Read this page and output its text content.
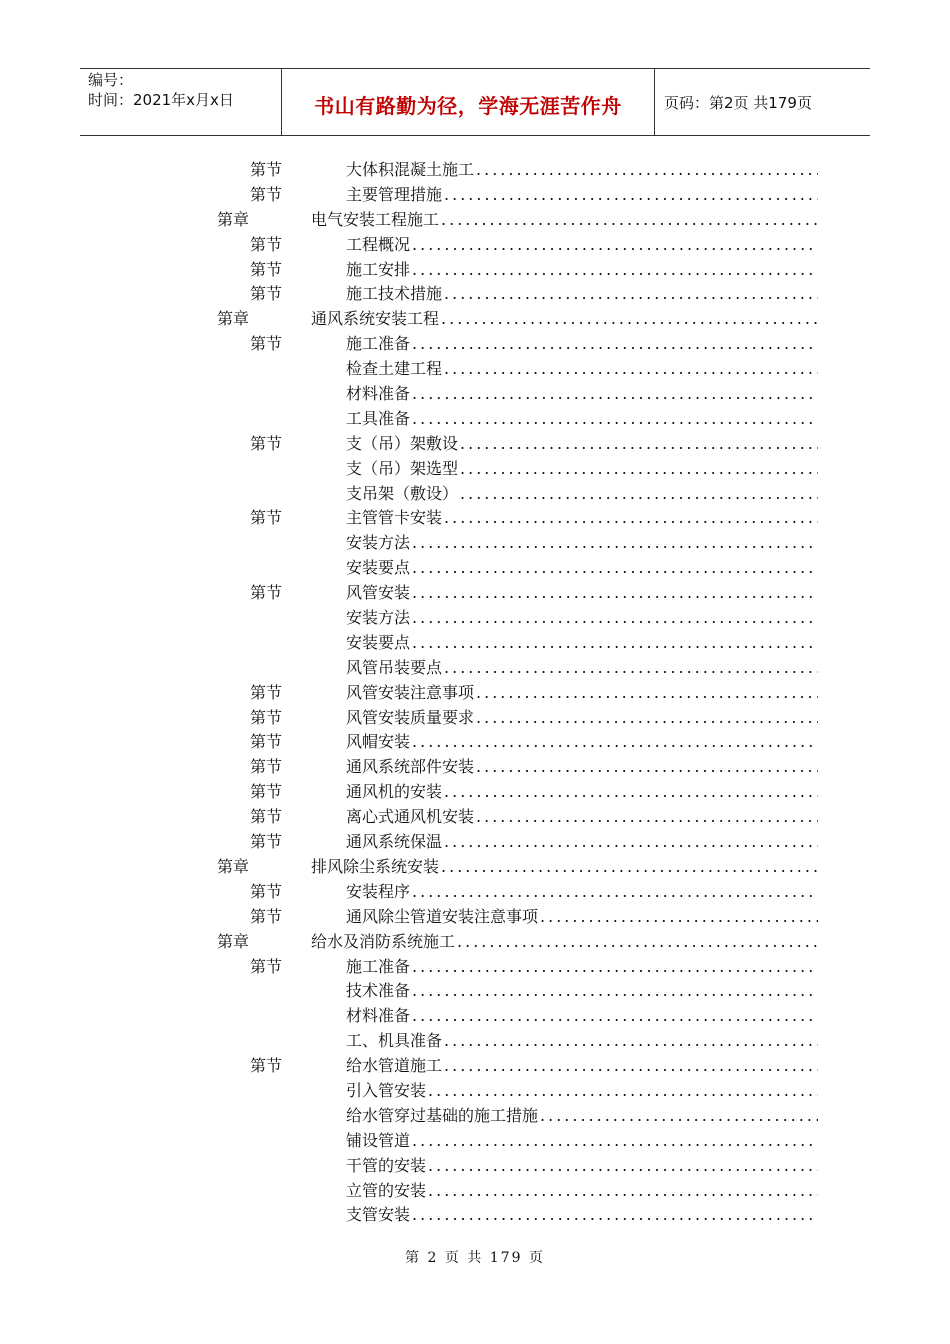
编号：
时间：2021年x月x日	书山有路勤为径，学海无涯苦作舟	页码：第2页 共179页
第节	大体积混凝土施工
.....
第节	主要管理措施
.....
第章	电气安装工程施工
.....
第节	工程概况
.....
第节	施工安排
.....
第节	施工技术措施
.....
第章	通风系统安装工程
.....
第节	施工准备
.....
检查土建工程
.....
材料准备
.....
工具准备
.....
第节	支（吊）架敷设
.....
支（吊）架选型
.....
支吊架（敷设）
.....
第节	主管管卡安装
.....
安装方法
.....
安装要点
.....
第节	风管安装
.....
安装方法
.....
安装要点
.....
风管吊装要点
.....
第节	风管安装注意事项
.....
第节	风管安装质量要求
.....
第节	风帽安装
.....
第节	通风系统部件安装
.....
第节	通风机的安装
.....
第节	离心式通风机安装
.....
第节	通风系统保温
.....
第章	排风除尘系统安装
.....
第节	安装程序
.....
第节	通风除尘管道安装注意事项
.....
第章	给水及消防系统施工
.....
第节	施工准备
.....
技术准备
.....
材料准备
.....
工、机具准备
.....
第节	给水管道施工
.....
引入管安装
.....
给水管穿过基础的施工措施
.....
铺设管道
.....
干管的安装
.....
立管的安装
.....
支管安装
.....
第 2 页 共 179 页
